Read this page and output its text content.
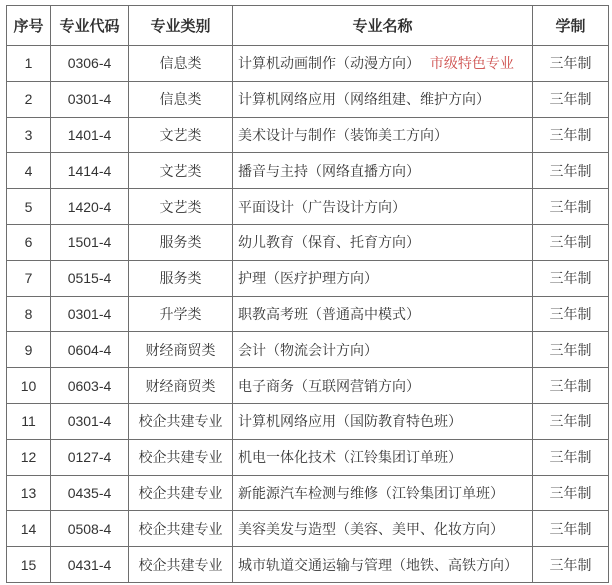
序号	专业代码	专业类别	专业名称	学制
1	0306-4	信息类	计算机动画制作（动漫方向） 市级特色专业	三年制
2	0301-4	信息类	计算机网络应用（网络组建、维护方向）	三年制
3	1401-4	文艺类	美术设计与制作（装饰美工方向）	三年制
4	1414-4	文艺类	播音与主持（网络直播方向）	三年制
5	1420-4	文艺类	平面设计（广告设计方向）	三年制
6	1501-4	服务类	幼儿教育（保育、托育方向）	三年制
7	0515-4	服务类	护理（医疗护理方向）	三年制
8	0301-4	升学类	职教高考班（普通高中模式）	三年制
9	0604-4	财经商贸类	会计（物流会计方向）	三年制
10	0603-4	财经商贸类	电子商务（互联网营销方向）	三年制
11	0301-4	校企共建专业	计算机网络应用（国防教育特色班）	三年制
12	0127-4	校企共建专业	机电一体化技术（江铃集团订单班）	三年制
13	0435-4	校企共建专业	新能源汽车检测与维修（江铃集团订单班）	三年制
14	0508-4	校企共建专业	美容美发与造型（美容、美甲、化妆方向）	三年制
15	0431-4	校企共建专业	城市轨道交通运输与管理（地铁、高铁方向）	三年制
